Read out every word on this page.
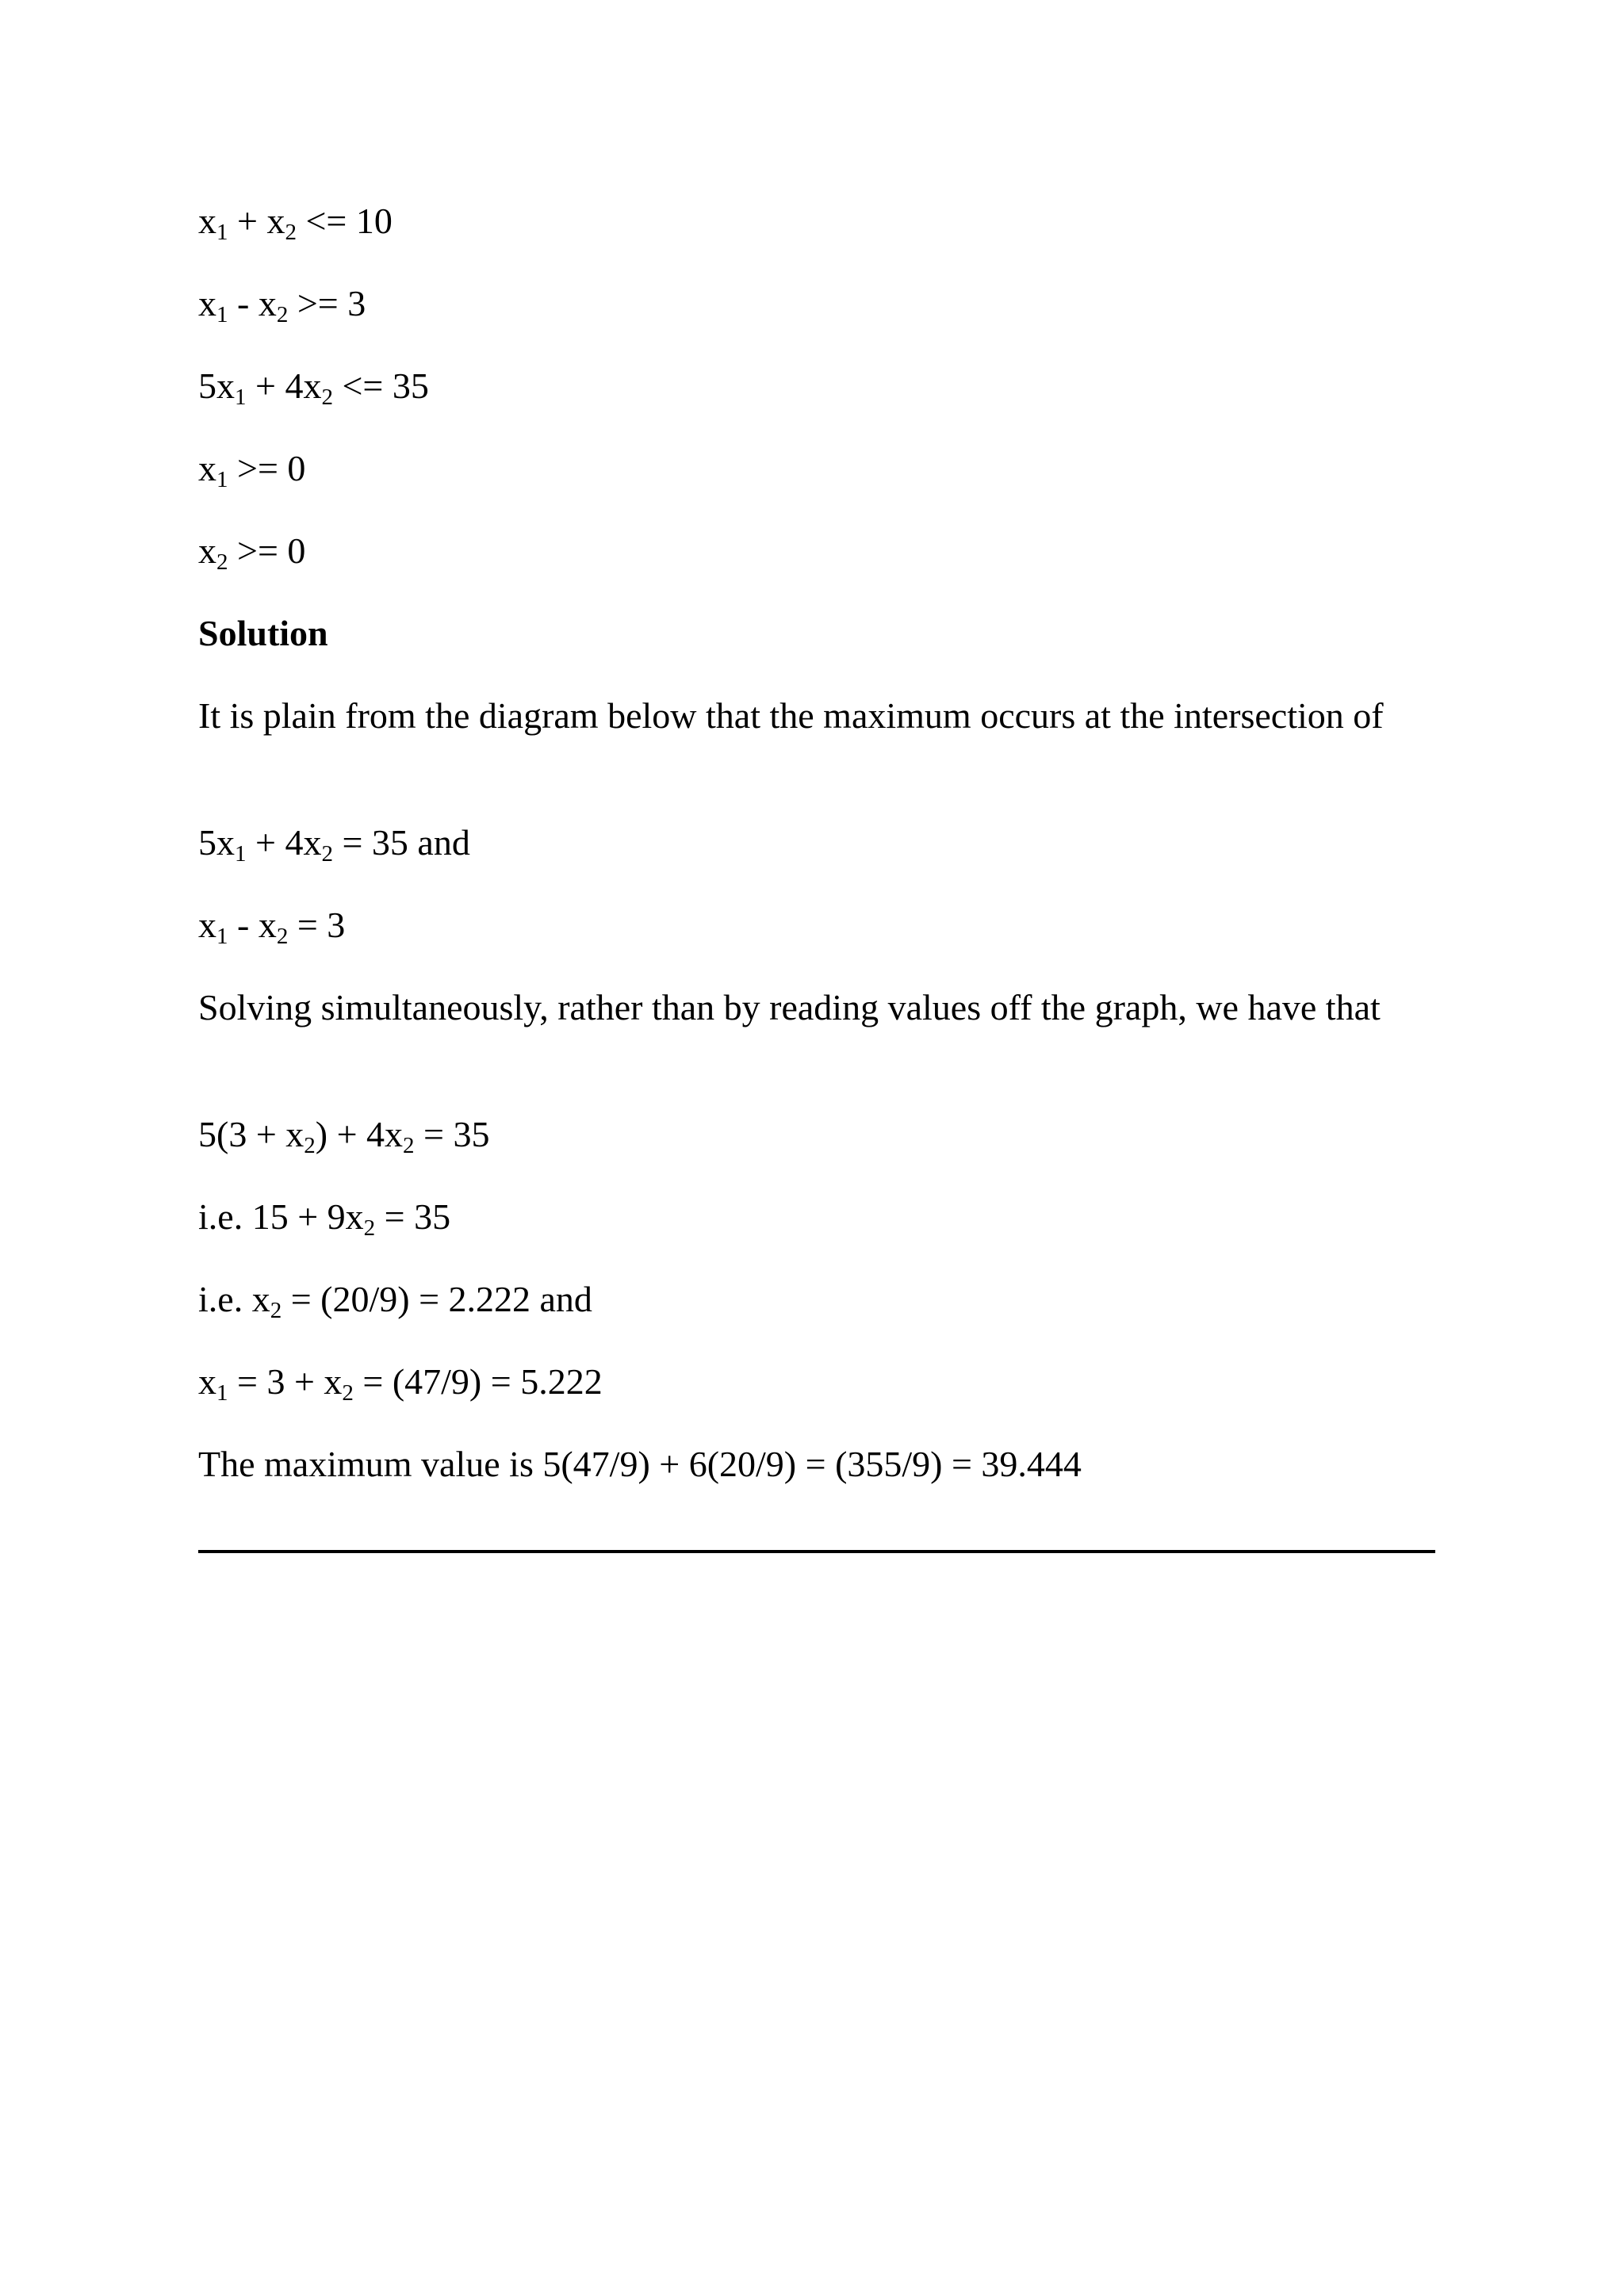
$x_1 + x_2 <= 10$
$x_1 - x_2 >= 3$
$5x_1 + 4x_2 <= 35$
$x_1 >= 0$
$x_2 >= 0$
Solution
It is plain from the diagram below that the maximum occurs at the intersection of
$5x_1 + 4x_2 = 35$ and
$x_1 - x_2 = 3$
Solving simultaneously, rather than by reading values off the graph, we have that
$5(3 + x_2) + 4x_2 = 35$
i.e. $15 + 9x_2 = 35$
i.e. $x_2 = (20/9) = 2.222$ and
$x_1 = 3 + x_2 = (47/9) = 5.222$
The maximum value is 5(47/9) + 6(20/9) = (355/9) = 39.444
